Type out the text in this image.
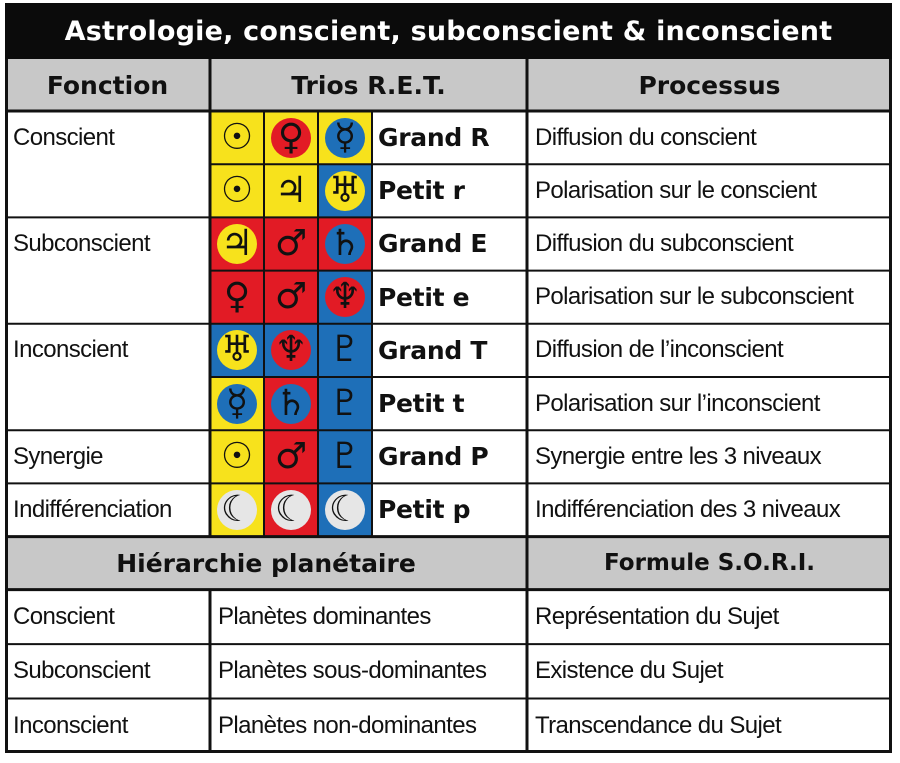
Astrologie, conscient, subconscient & inconscient
Fonction	Trios R.E.T.	Processus
Conscient	☉ ♀ ☿ Grand R	Diffusion du conscient
☉ ♃ ♅ Petit r	Polarisation sur le conscient
Subconscient	♃ ♂ ♄ Grand E	Diffusion du subconscient
♀ ♂ ♆ Petit e	Polarisation sur le subconscient
Inconscient	♅ ♆ ♇ Grand T	Diffusion de l’inconscient
☿ ♄ ♇ Petit t	Polarisation sur l’inconscient
Synergie	☉ ♂ ♇ Grand P	Synergie entre les 3 niveaux
Indifférenciation	☾ ☾ ☾ Petit p	Indifférenciation des 3 niveaux
Hiérarchie planétaire	Formule S.O.R.I.
Conscient	Planètes dominantes	Représentation du Sujet
Subconscient	Planètes sous-dominantes	Existence du Sujet
Inconscient	Planètes non-dominantes	Transcendance du Sujet
